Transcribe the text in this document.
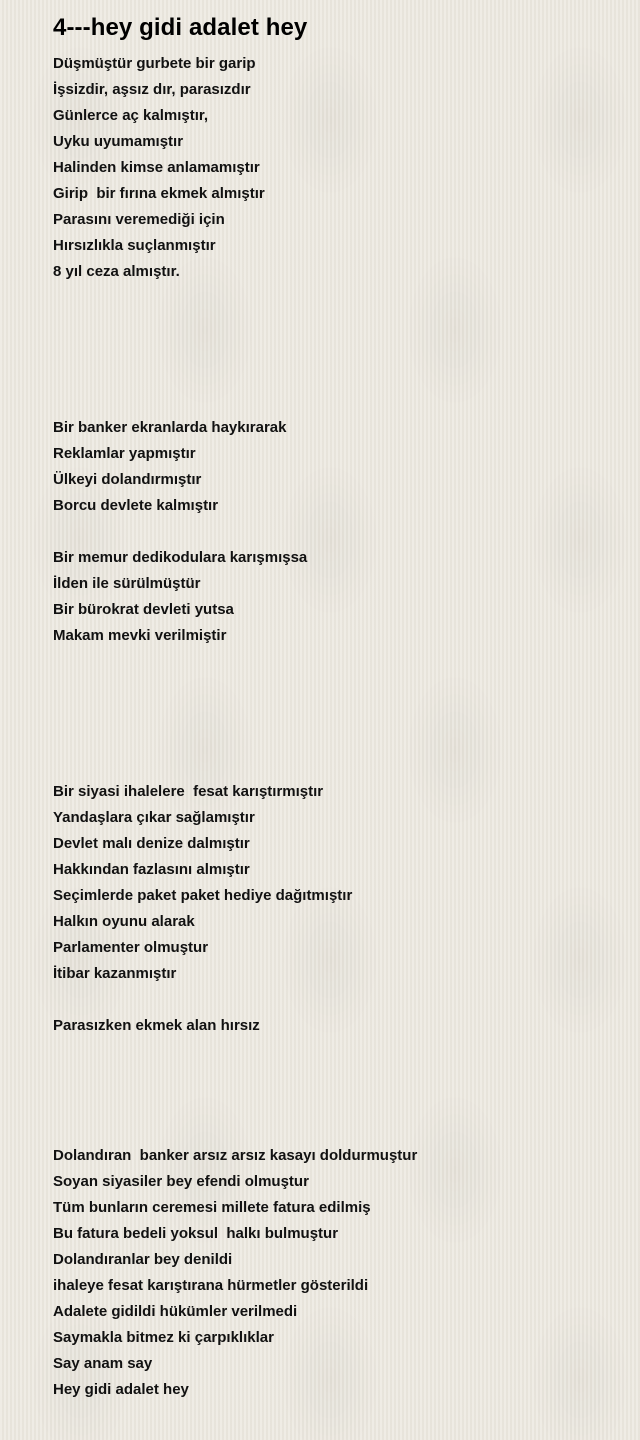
4---hey gidi adalet hey
Düşmüştür gurbete bir garip
İşsizdir, aşsız dır, parasızdır
Günlerce aç kalmıştır,
Uyku uyumamıştır
Halinden kimse anlamamıştır
Girip  bir fırına ekmek almıştır
Parasını veremediği için
Hırsızlıkla suçlanmıştır
8 yıl ceza almıştır.
Bir banker ekranlarda haykırarak
Reklamlar yapmıştır
Ülkeyi dolandırmıştır
Borcu devlete kalmıştır
Bir memur dedikodulara karışmışsa
İlden ile sürülmüştür
Bir bürokrat devleti yutsa
Makam mevki verilmiştir
Bir siyasi ihalelere  fesat karıştırmıştır
Yandaşlara çıkar sağlamıştır
Devlet malı denize dalmıştır
Hakkından fazlasını almıştır
Seçimlerde paket paket hediye dağıtmıştır
Halkın oyunu alarak
Parlamenter olmuştur
İtibar kazanmıştır
Parasızken ekmek alan hırsız
Dolandıran  banker arsız arsız kasayı doldurmuştur
Soyan siyasiler bey efendi olmuştur
Tüm bunların ceremesi millete fatura edilmiş
Bu fatura bedeli yoksul  halkı bulmuştur
Dolandıranlar bey denildi
ihaleye fesat karıştırana hürmetler gösterildi
Adalete gidildi hükümler verilmedi
Saymakla bitmez ki çarpıklıklar
Say anam say
Hey gidi adalet hey
